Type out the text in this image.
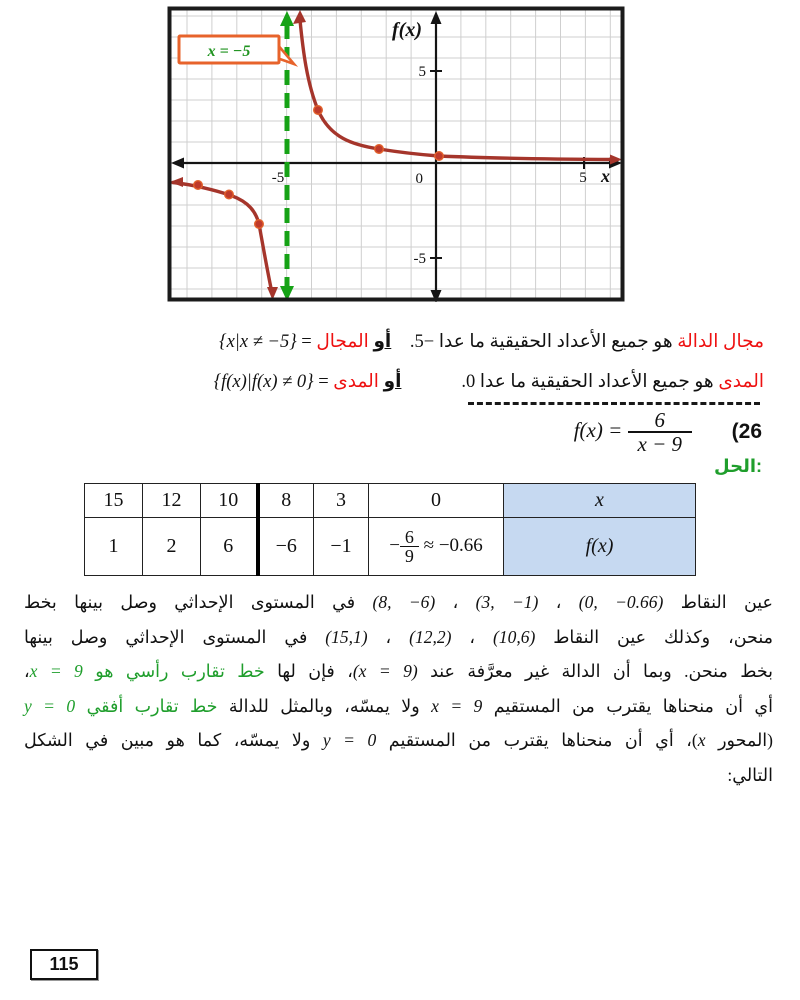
x = −5
f(x)
x
5
-5
-5	0	5
مجال الدالة هو جميع الأعداد الحقيقية ما عدا −5. أو المجال = {x|x ≠ −5}
المدى هو جميع الأعداد الحقيقية ما عدا 0.أو المدى = {f(x)|f(x) ≠ 0}
(26
$f(x) = \frac{6}{x - 9}$
الحل:
x	0	3	8	10	12	15
f(x)	− $\frac{6}{9} \approx -0.66$	−1	−6	6	2	1
عين النقاط (0, −0.66) ، (3, −1) ، (8, −6) في المستوى الإحداثي وصل بينها بخط
منحن، وكذلك عين النقاط (10,6) ، (12,2) ، (15,1) في المستوى الإحداثي وصل بينها
بخط منحن. وبما أن الدالة غير معرَّفة عند (x = 9)، فإن لها خط تقارب رأسي هو x = 9،
أي أن منحناها يقترب من المستقيم x = 9 ولا يمسّه، وبالمثل للدالة خط تقارب أفقي y = 0
(المحور x)، أي أن منحناها يقترب من المستقيم y = 0 ولا يمسّه، كما هو مبين في الشكل
التالي:
115
